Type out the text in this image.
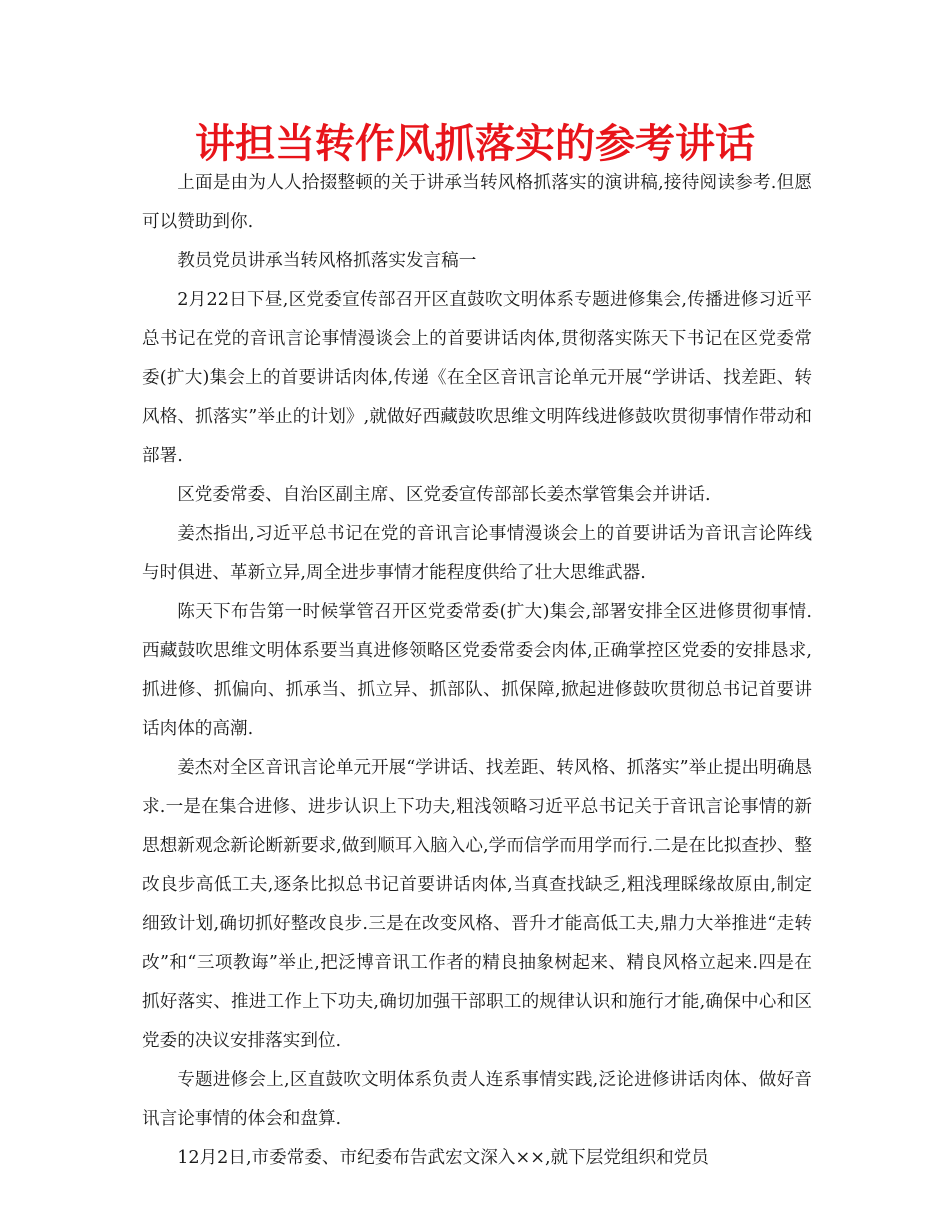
讲担当转作风抓落实的参考讲话

上面是由为人人拾掇整顿的关于讲承当转风格抓落实的演讲稿,接待阅读参考.但愿可以赞助到你.

教员党员讲承当转风格抓落实发言稿一

2月22日下昼,区党委宣传部召开区直鼓吹文明体系专题进修集会,传播进修习近平总书记在党的音讯言论事情漫谈会上的首要讲话肉体,贯彻落实陈天下书记在区党委常委(扩大)集会上的首要讲话肉体,传递《在全区音讯言论单元开展“学讲话、找差距、转风格、抓落实”举止的计划》,就做好西藏鼓吹思维文明阵线进修鼓吹贯彻事情作带动和部署.

区党委常委、自治区副主席、区党委宣传部部长姜杰掌管集会并讲话.

姜杰指出,习近平总书记在党的音讯言论事情漫谈会上的首要讲话为音讯言论阵线与时俱进、革新立异,周全进步事情才能程度供给了壮大思维武器.

陈天下布告第一时候掌管召开区党委常委(扩大)集会,部署安排全区进修贯彻事情.西藏鼓吹思维文明体系要当真进修领略区党委常委会肉体,正确掌控区党委的安排恳求,抓进修、抓偏向、抓承当、抓立异、抓部队、抓保障,掀起进修鼓吹贯彻总书记首要讲话肉体的高潮.

姜杰对全区音讯言论单元开展“学讲话、找差距、转风格、抓落实”举止提出明确恳求.一是在集合进修、进步认识上下功夫,粗浅领略习近平总书记关于音讯言论事情的新思想新观念新论断新要求,做到顺耳入脑入心,学而信学而用学而行.二是在比拟查抄、整改良步高低工夫,逐条比拟总书记首要讲话肉体,当真查找缺乏,粗浅理睬缘故原由,制定细致计划,确切抓好整改良步.三是在改变风格、晋升才能高低工夫,鼎力大举推进“走转改”和“三项教诲”举止,把泛博音讯工作者的精良抽象树起来、精良风格立起来.四是在抓好落实、推进工作上下功夫,确切加强干部职工的规律认识和施行才能,确保中心和区党委的决议安排落实到位.

专题进修会上,区直鼓吹文明体系负责人连系事情实践,泛论进修讲话肉体、做好音讯言论事情的体会和盘算.

12月2日,市委常委、市纪委布告武宏文深入××,就下层党组织和党员
